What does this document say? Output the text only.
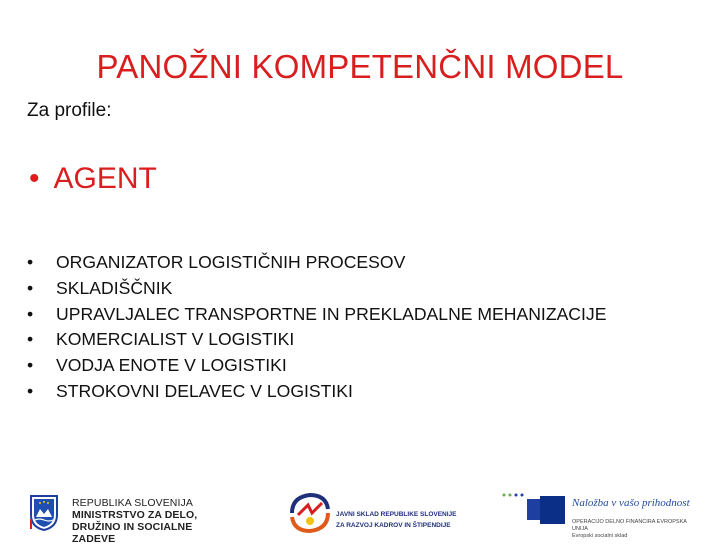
PANOŽNI KOMPETENČNI MODEL
Za profile:
• AGENT
• ORGANIZATOR LOGISTIČNIH PROCESOV
• SKLADIŠČNIK
• UPRAVLJALEC TRANSPORTNE IN PREKLADALNE MEHANIZACIJE
• KOMERCIALIST V LOGISTIKI
• VODJA ENOTE V LOGISTIKI
• STROKOVNI DELAVEC V LOGISTIKI
REPUBLIKA SLOVENIJA
MINISTRSTVO ZA DELO,
DRUŽINO IN SOCIALNE ZADEVE
JAVNI SKLAD REPUBLIKE SLOVENIJE
ZA RAZVOJ KADROV IN ŠTIPENDIJE
Naložba v vašo prihodnost
OPERACIJO DELNO FINANCIRA EVROPSKA UNIJA
Evropski socialni sklad
